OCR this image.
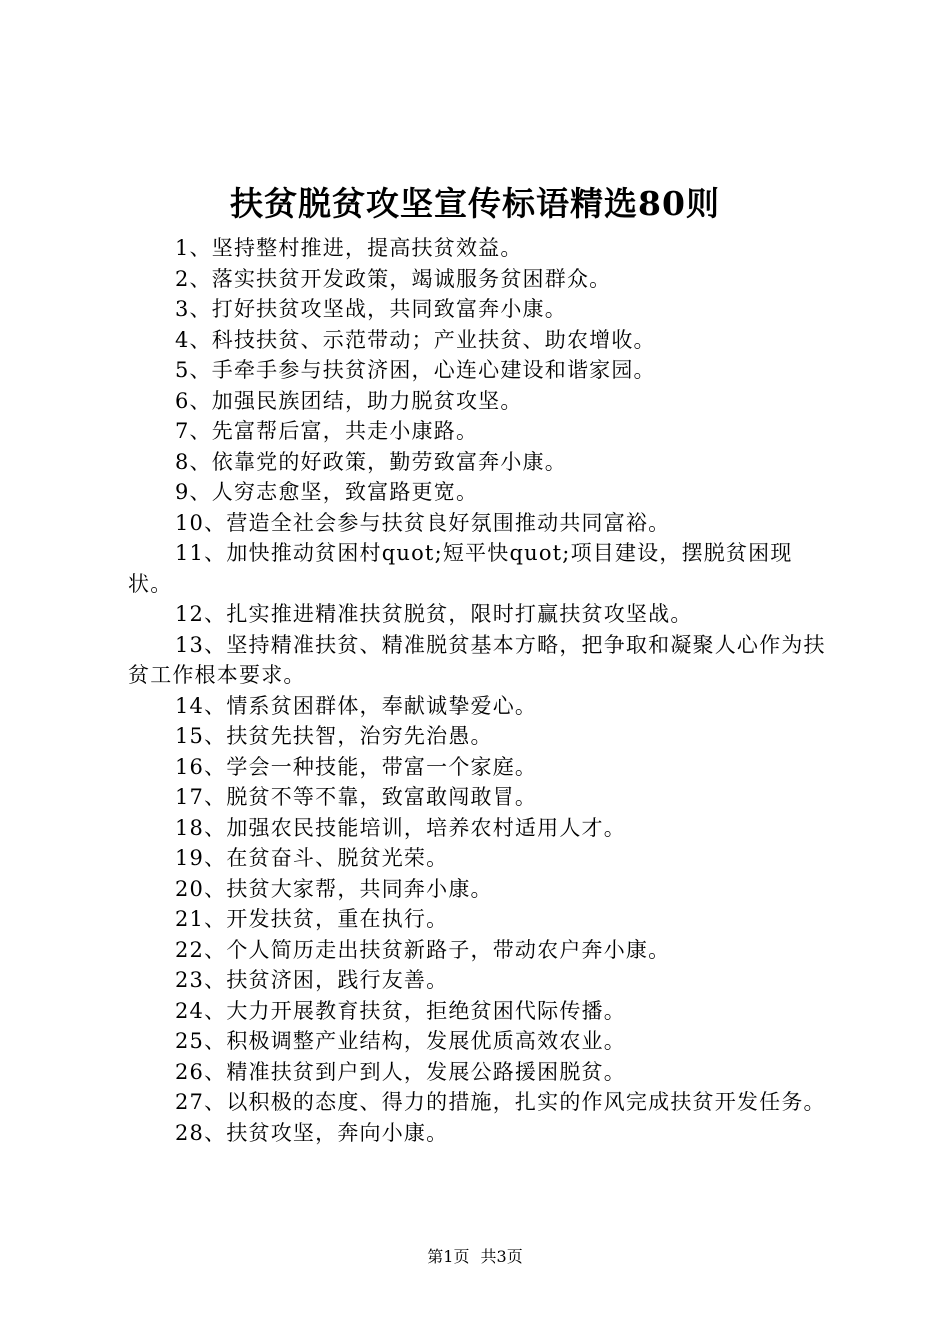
扶贫脱贫攻坚宣传标语精选80则
1、坚持整村推进，提高扶贫效益。
2、落实扶贫开发政策，竭诚服务贫困群众。
3、打好扶贫攻坚战，共同致富奔小康。
4、科技扶贫、示范带动；产业扶贫、助农增收。
5、手牵手参与扶贫济困，心连心建设和谐家园。
6、加强民族团结，助力脱贫攻坚。
7、先富帮后富，共走小康路。
8、依靠党的好政策，勤劳致富奔小康。
9、人穷志愈坚，致富路更宽。
10、营造全社会参与扶贫良好氛围推动共同富裕。
11、加快推动贫困村quot;短平快quot;项目建设，摆脱贫困现状。
12、扎实推进精准扶贫脱贫，限时打赢扶贫攻坚战。
13、坚持精准扶贫、精准脱贫基本方略，把争取和凝聚人心作为扶贫工作根本要求。
14、情系贫困群体，奉献诚挚爱心。
15、扶贫先扶智，治穷先治愚。
16、学会一种技能，带富一个家庭。
17、脱贫不等不靠，致富敢闯敢冒。
18、加强农民技能培训，培养农村适用人才。
19、在贫奋斗、脱贫光荣。
20、扶贫大家帮，共同奔小康。
21、开发扶贫，重在执行。
22、个人简历走出扶贫新路子，带动农户奔小康。
23、扶贫济困，践行友善。
24、大力开展教育扶贫，拒绝贫困代际传播。
25、积极调整产业结构，发展优质高效农业。
26、精准扶贫到户到人，发展公路援困脱贫。
27、以积极的态度、得力的措施，扎实的作风完成扶贫开发任务。
28、扶贫攻坚，奔向小康。
第1页 共3页
